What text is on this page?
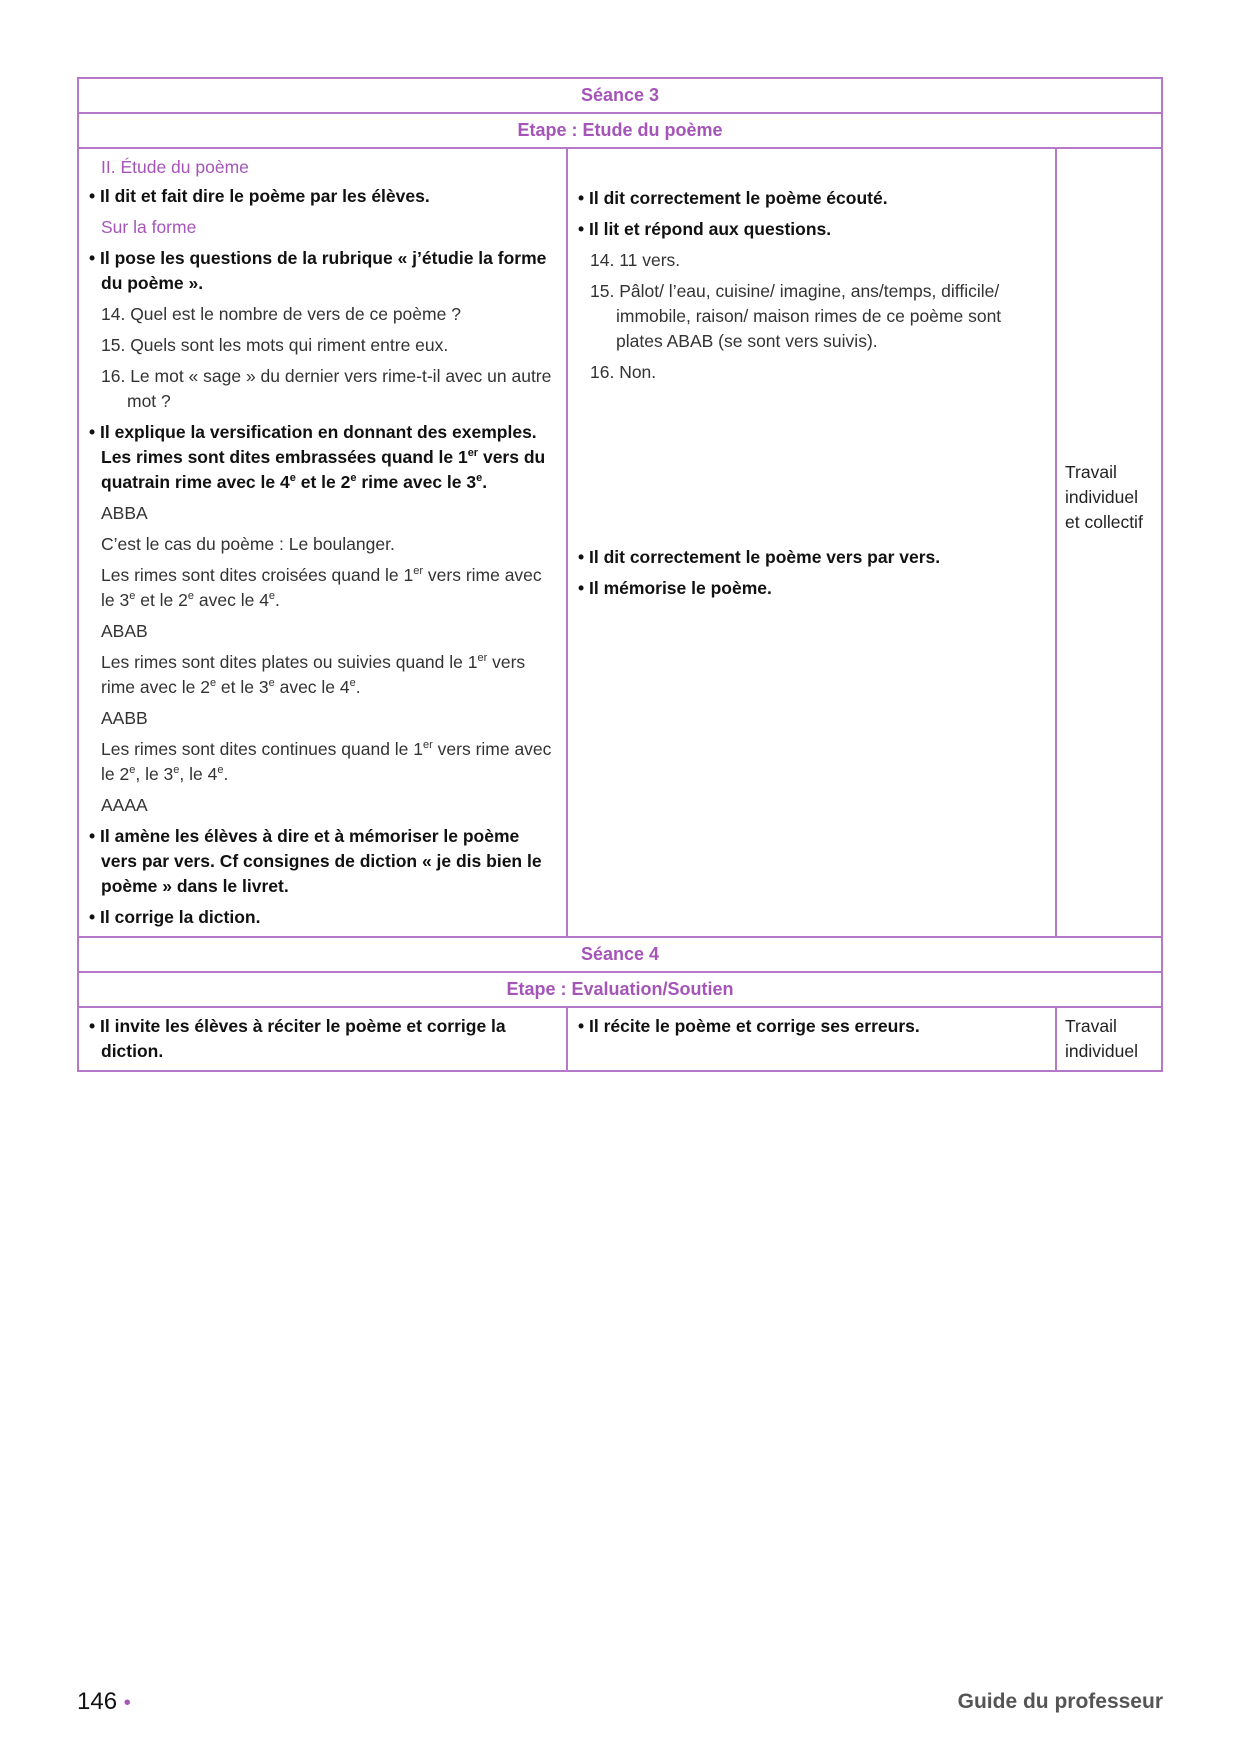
Séance 3
Etape : Etude du poème
II. Étude du poème
• Il dit et fait dire le poème par les élèves.
Sur la forme
• Il pose les questions de la rubrique « j’étudie la forme du poème ».
14. Quel est le nombre de vers de ce poème ?
15. Quels sont les mots qui riment entre eux.
16. Le mot « sage » du dernier vers rime-t-il avec un autre mot ?
• Il explique la versification en donnant des exemples.
Les rimes sont dites embrassées quand le 1er vers du quatrain rime avec le 4e et le 2e rime avec le 3e.
ABBA
C’est le cas du poème : Le boulanger.
Les rimes sont dites croisées quand le 1er vers rime avec le 3e et le 2e avec le 4e.
ABAB
Les rimes sont dites plates ou suivies quand le 1er vers rime avec le 2e et le 3e avec le 4e.
AABB
Les rimes sont dites continues quand le 1er vers rime avec le 2e, le 3e, le 4e.
AAAA
• Il amène les élèves à dire et à mémoriser le poème vers par vers. Cf consignes de diction « je dis bien le poème » dans le livret.
• Il corrige la diction.
• Il dit correctement le poème écouté.
• Il lit et répond aux questions.
14. 11 vers.
15. Pâlot/ l’eau, cuisine/ imagine, ans/temps, difficile/ immobile, raison/ maison rimes de ce poème sont plates ABAB (se sont vers suivis).
16. Non.
• Il dit correctement le poème vers par vers.
• Il mémorise le poème.
Travail individuel et collectif
Séance 4
Etape : Evaluation/Soutien
• Il invite les élèves à réciter le poème et corrige la diction.
• Il récite le poème et corrige ses erreurs.	Travail individuel
146 •	Guide du professeur
